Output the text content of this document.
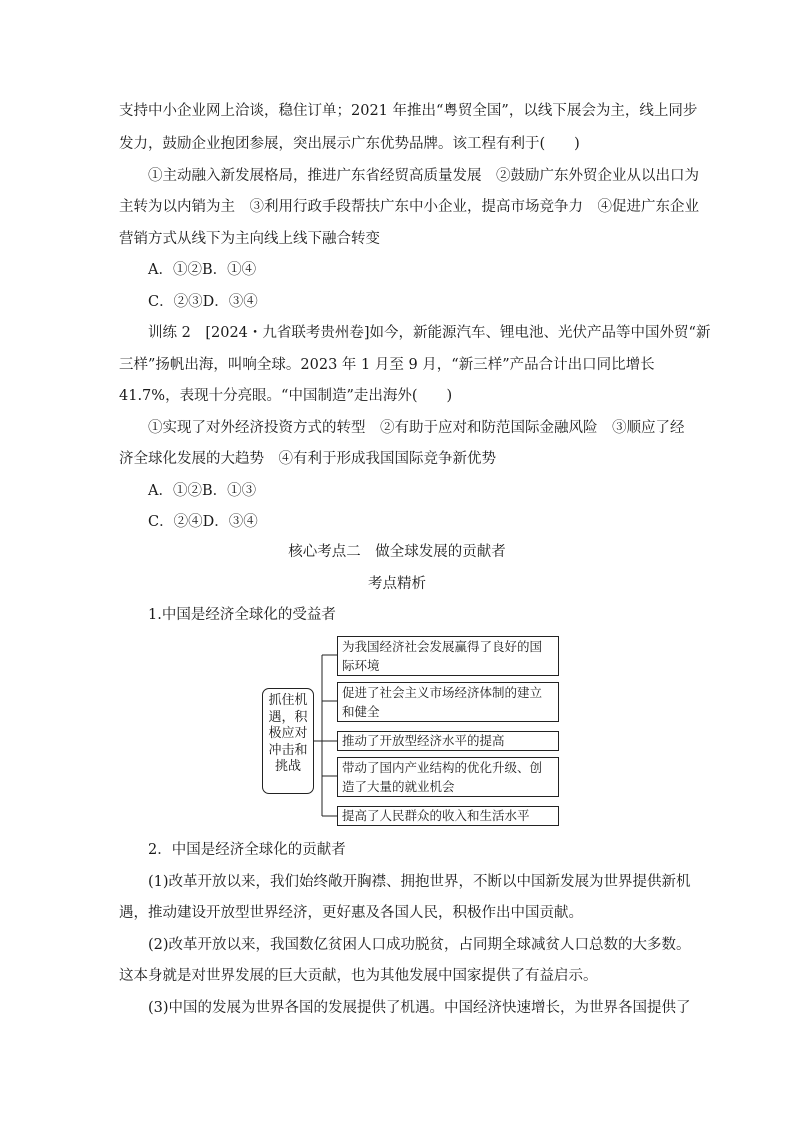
支持中小企业网上洽谈，稳住订单；2021 年推出“粤贸全国”，以线下展会为主，线上同步
发力，鼓励企业抱团参展，突出展示广东优势品牌。该工程有利于(　　)
①主动融入新发展格局，推进广东省经贸高质量发展　②鼓励广东外贸企业从以出口为
主转为以内销为主　③利用行政手段帮扶广东中小企业，提高市场竞争力　④促进广东企业
营销方式从线下为主向线上线下融合转变
A．①②B．①④
C．②③D．③④
训练 2　[2024・九省联考贵州卷]如今，新能源汽车、锂电池、光伏产品等中国外贸“新
三样”扬帆出海，叫响全球。2023 年 1 月至 9 月，“新三样”产品合计出口同比增长
41.7%，表现十分亮眼。“中国制造”走出海外(　　)
①实现了对外经济投资方式的转型　②有助于应对和防范国际金融风险　③顺应了经
济全球化发展的大趋势　④有利于形成我国国际竞争新优势
A．①②B．①③
C．②④D．③④
核心考点二　做全球发展的贡献者
考点精析
1.中国是经济全球化的受益者
抓住机遇，积极应对冲击和挑战
为我国经济社会发展赢得了良好的国际环境
促进了社会主义市场经济体制的建立和健全
推动了开放型经济水平的提高
带动了国内产业结构的优化升级、创造了大量的就业机会
提高了人民群众的收入和生活水平
2．中国是经济全球化的贡献者
(1)改革开放以来，我们始终敞开胸襟、拥抱世界，不断以中国新发展为世界提供新机
遇，推动建设开放型世界经济，更好惠及各国人民，积极作出中国贡献。
(2)改革开放以来，我国数亿贫困人口成功脱贫，占同期全球减贫人口总数的大多数。
这本身就是对世界发展的巨大贡献，也为其他发展中国家提供了有益启示。
(3)中国的发展为世界各国的发展提供了机遇。中国经济快速增长，为世界各国提供了
